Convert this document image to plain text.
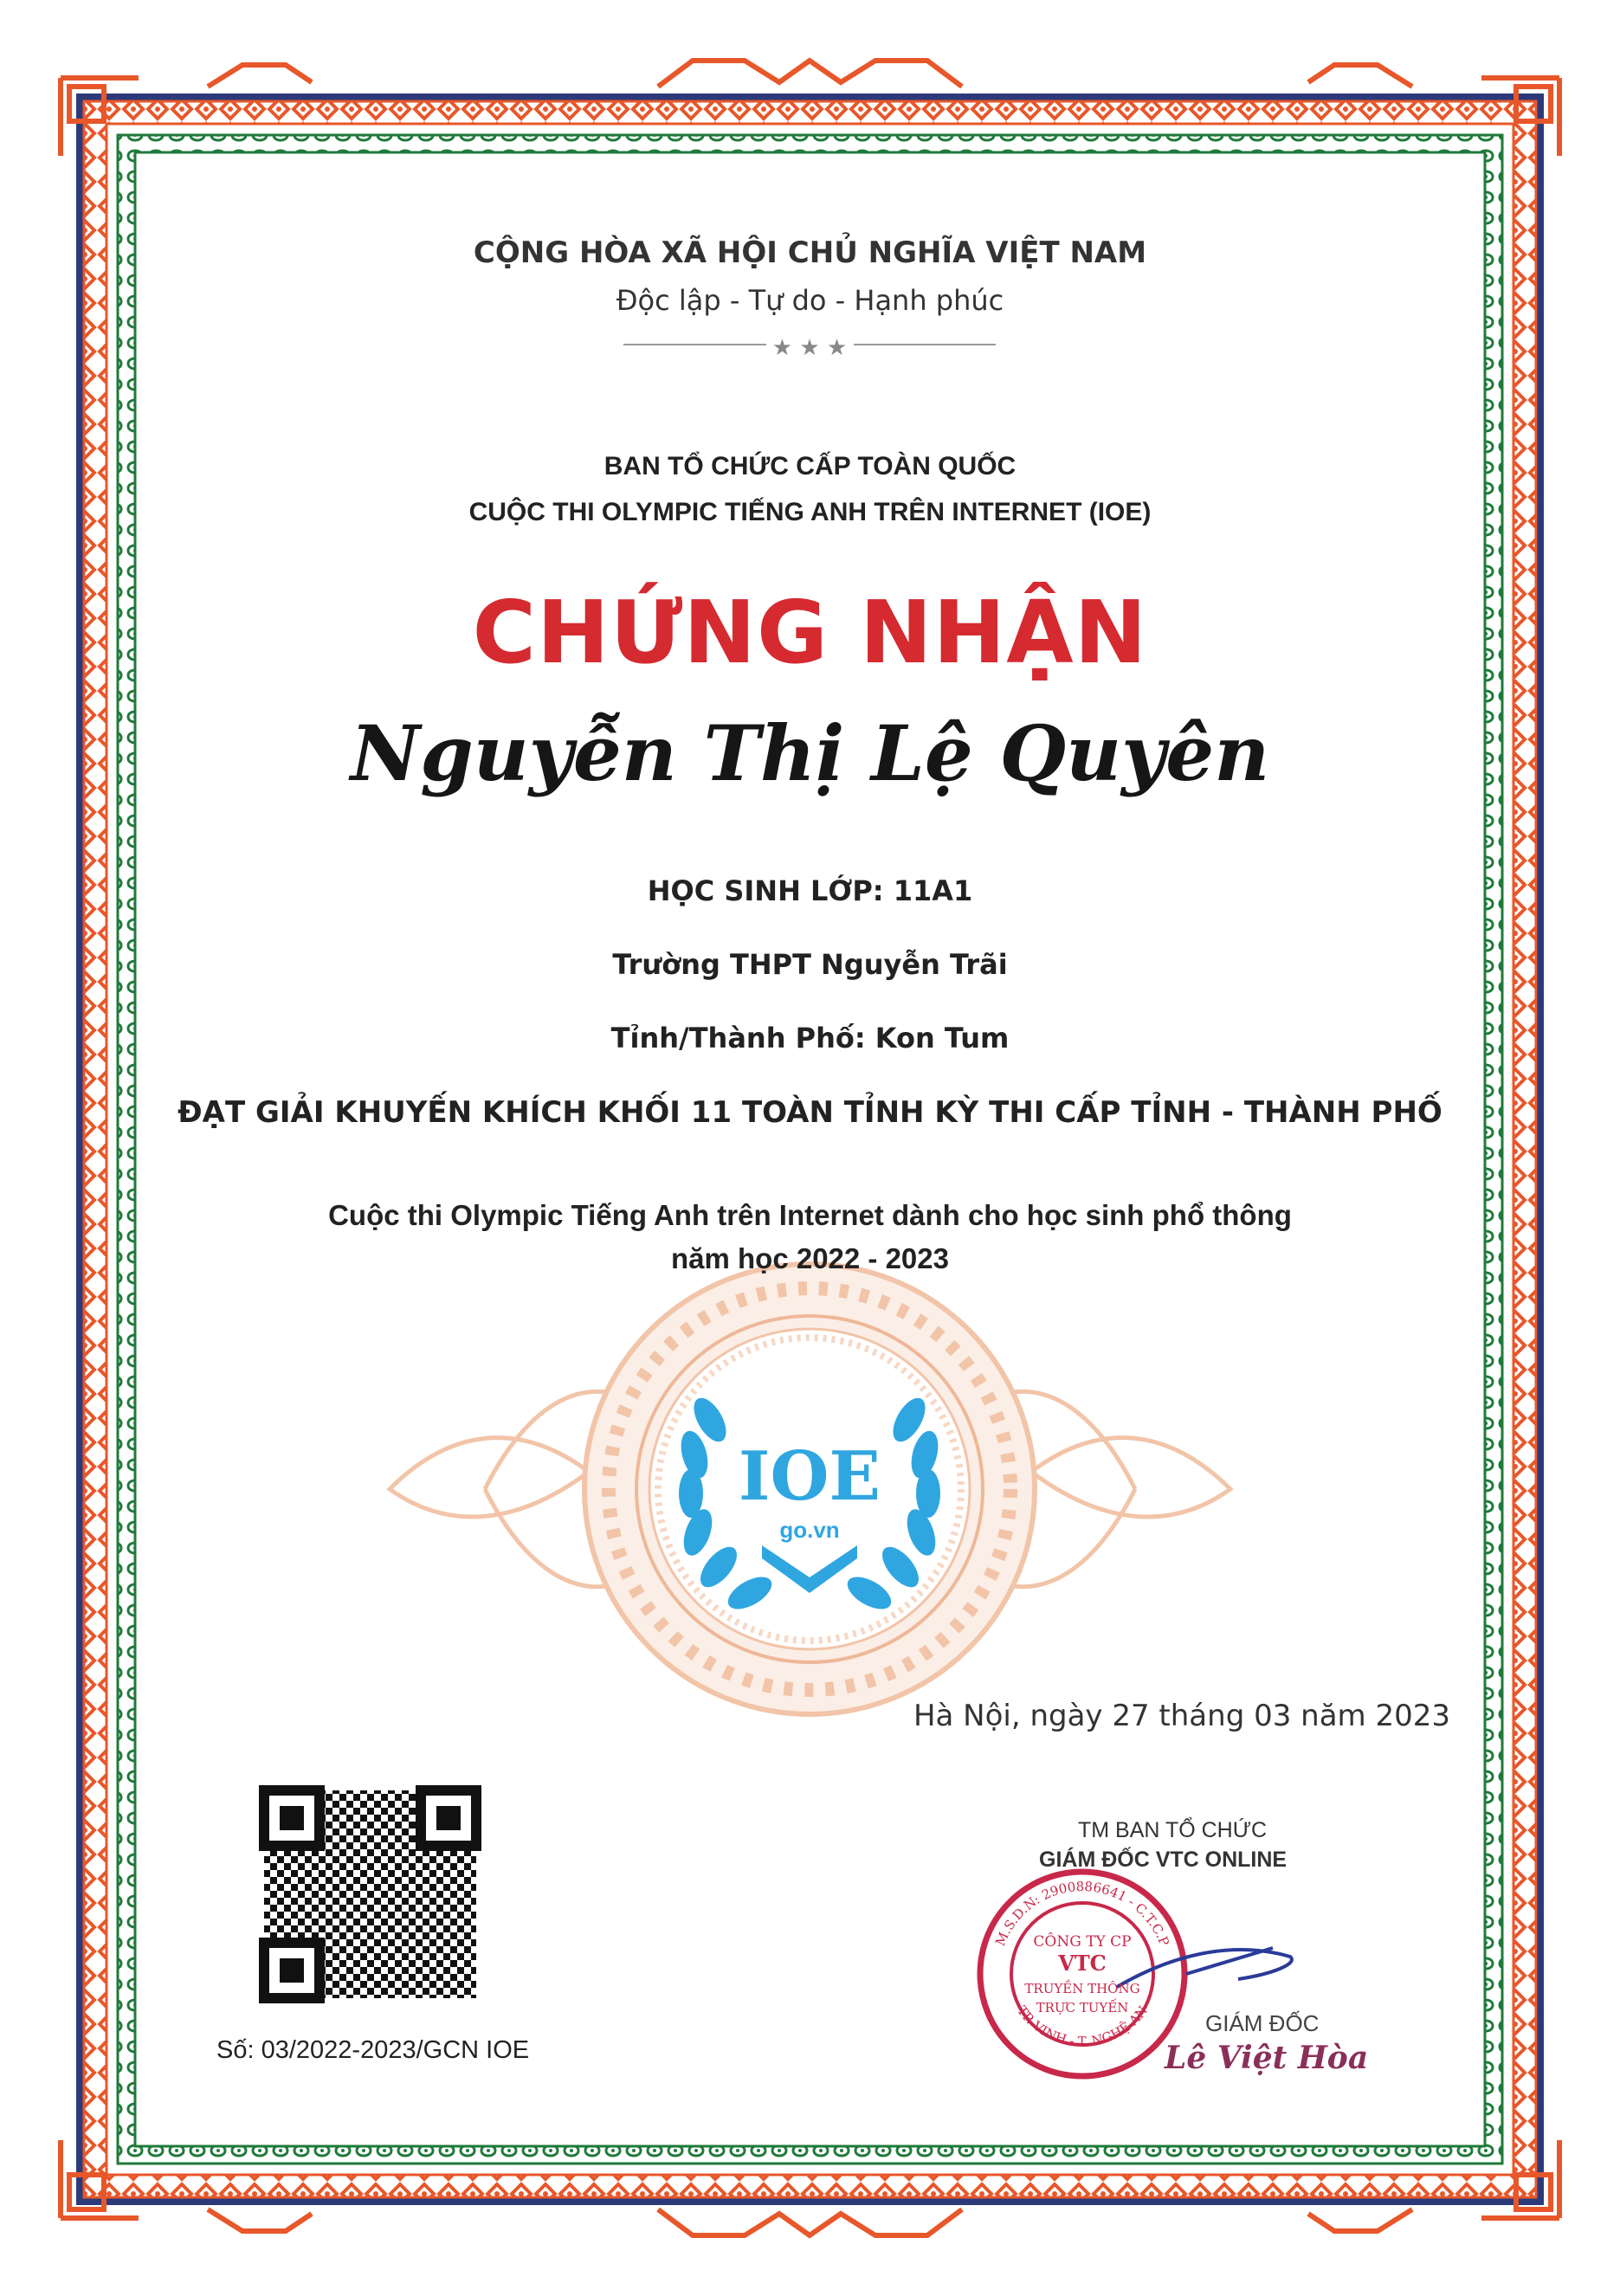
★ ★ ★
M.S.D.N: 2900886641 - C.T.C.P
TP. VINH - T. NGHỆ AN
CÔNG TY CP
VTC
TRUYỀN THÔNG
TRỰC TUYẾN
IOE
go.vn
CỘNG HÒA XÃ HỘI CHỦ NGHĨA VIỆT NAM
Độc lập - Tự do - Hạnh phúc
BAN TỔ CHỨC CẤP TOÀN QUỐC
CUỘC THI OLYMPIC TIẾNG ANH TRÊN INTERNET (IOE)
CHỨNG NHẬN
Nguyễn Thị Lệ Quyên
HỌC SINH LỚP: 11A1
Trường THPT Nguyễn Trãi
Tỉnh/Thành Phố: Kon Tum
ĐẠT GIẢI KHUYẾN KHÍCH KHỐI 11 TOÀN TỈNH KỲ THI CẤP TỈNH - THÀNH PHỐ
Cuộc thi Olympic Tiếng Anh trên Internet dành cho học sinh phổ thông
năm học 2022 - 2023
Hà Nội, ngày 27 tháng 03 năm 2023
Số: 03/2022-2023/GCN IOE
TM BAN TỔ CHỨC
GIÁM ĐỐC VTC ONLINE
GIÁM ĐỐC
Lê Việt Hòa
